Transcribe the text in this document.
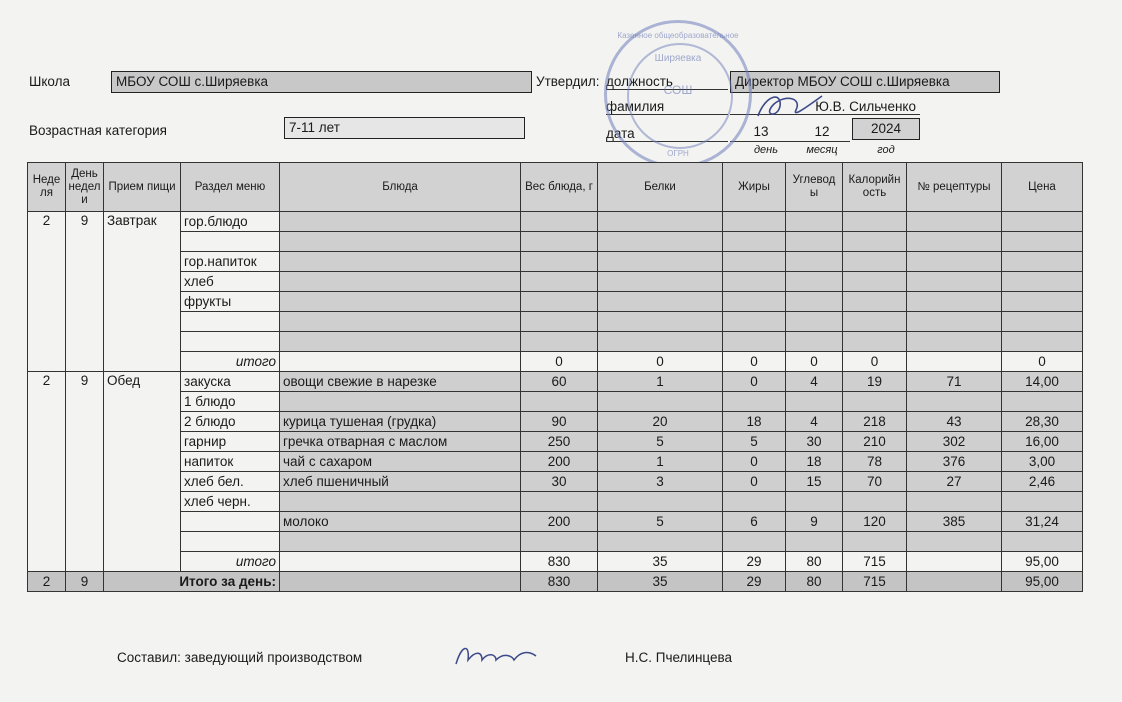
Школа	МБОУ СОШ с.Ширяевка	Утвердил: должность	Директор МБОУ СОШ с.Ширяевка
фамилия	Ю.В. Сильченко
Возрастная категория	7-11 лет	дата	13	12	2024
день	месяц	год
Казенное общеобразовательное
Ширяевка
СОШ
ОГРН
Неде ля	День недел и	Прием пищи	Раздел меню	Блюда	Вес блюда, г	Белки	Жиры	Углевод ы	Калорийн ость	№ рецептуры	Цена
2	9	Завтрак	гор.блюдо								

			гор.напиток								
			хлеб								
			фрукты								

			итого		0	0	0	0	0		0
2	9	Обед	закуска	овощи свежие в нарезке	60	1	0	4	19	71	14,00
			1 блюдо								
			2 блюдо	курица тушеная (грудка)	90	20	18	4	218	43	28,30
			гарнир	гречка отварная с маслом	250	5	5	30	210	302	16,00
			напиток	чай с сахаром	200	1	0	18	78	376	3,00
			хлеб бел.	хлеб пшеничный	30	3	0	15	70	27	2,46
			хлеб черн.								
				молоко	200	5	6	9	120	385	31,24

			итого		830	35	29	80	715		95,00
2	9	Итого за день:			830	35	29	80	715		95,00
Составил: заведующий производством	Н.С. Пчелинцева
